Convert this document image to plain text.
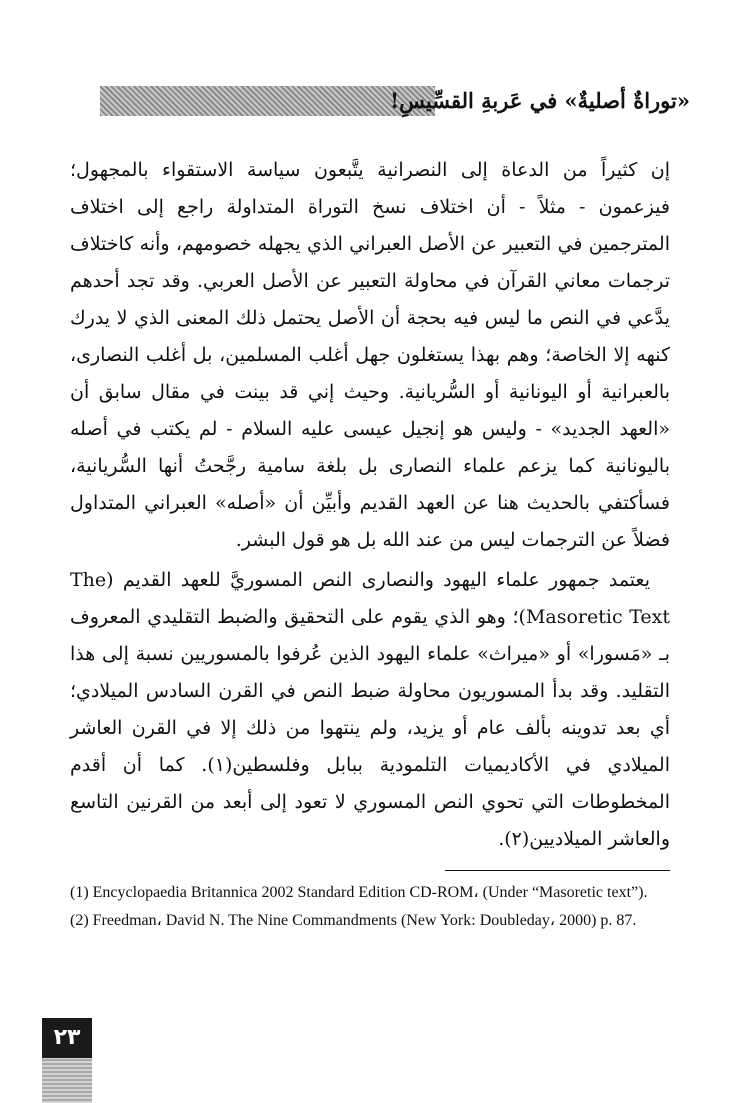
«توراةٌ أصليةٌ» في عَربةِ القسِّيسِ!

إن كثيراً من الدعاة إلى النصرانية يتَّبعون سياسة الاستقواء بالمجهول؛ فيزعمون - مثلاً - أن اختلاف نسخ التوراة المتداولة راجع إلى اختلاف المترجمين في التعبير عن الأصل العبراني الذي يجهله خصومهم، وأنه كاختلاف ترجمات معاني القرآن في محاولة التعبير عن الأصل العربي. وقد تجد أحدهم يدَّعي في النص ما ليس فيه بحجة أن الأصل يحتمل ذلك المعنى الذي لا يدرك كنهه إلا الخاصة؛ وهم بهذا يستغلون جهل أغلب المسلمين، بل أغلب النصارى، بالعبرانية أو اليونانية أو السُّريانية. وحيث إني قد بينت في مقال سابق أن «العهد الجديد» - وليس هو إنجيل عيسى عليه السلام - لم يكتب في أصله باليونانية كما يزعم علماء النصارى بل بلغة سامية رجَّحتُ أنها السُّريانية، فسأكتفي بالحديث هنا عن العهد القديم وأبيِّن أن «أصله» العبراني المتداول فضلاً عن الترجمات ليس من عند الله بل هو قول البشر.

يعتمد جمهور علماء اليهود والنصارى النص المسوريَّ للعهد القديم (The Masoretic Text)؛ وهو الذي يقوم على التحقيق والضبط التقليدي المعروف بـ «مَسورا» أو «ميراث» علماء اليهود الذين عُرفوا بالمسوريين نسبة إلى هذا التقليد. وقد بدأ المسوريون محاولة ضبط النص في القرن السادس الميلادي؛ أي بعد تدوينه بألف عام أو يزيد، ولم ينتهوا من ذلك إلا في القرن العاشر الميلادي في الأكاديميات التلمودية ببابل وفلسطين(١). كما أن أقدم المخطوطات التي تحوي النص المسوري لا تعود إلى أبعد من القرنين التاسع والعاشر الميلاديين(٢).

(1) Encyclopaedia Britannica 2002 Standard Edition CD-ROM، (Under “Masoretic text”).

(2) Freedman، David N. The Nine Commandments (New York: Doubleday، 2000) p. 87.

٢٣
